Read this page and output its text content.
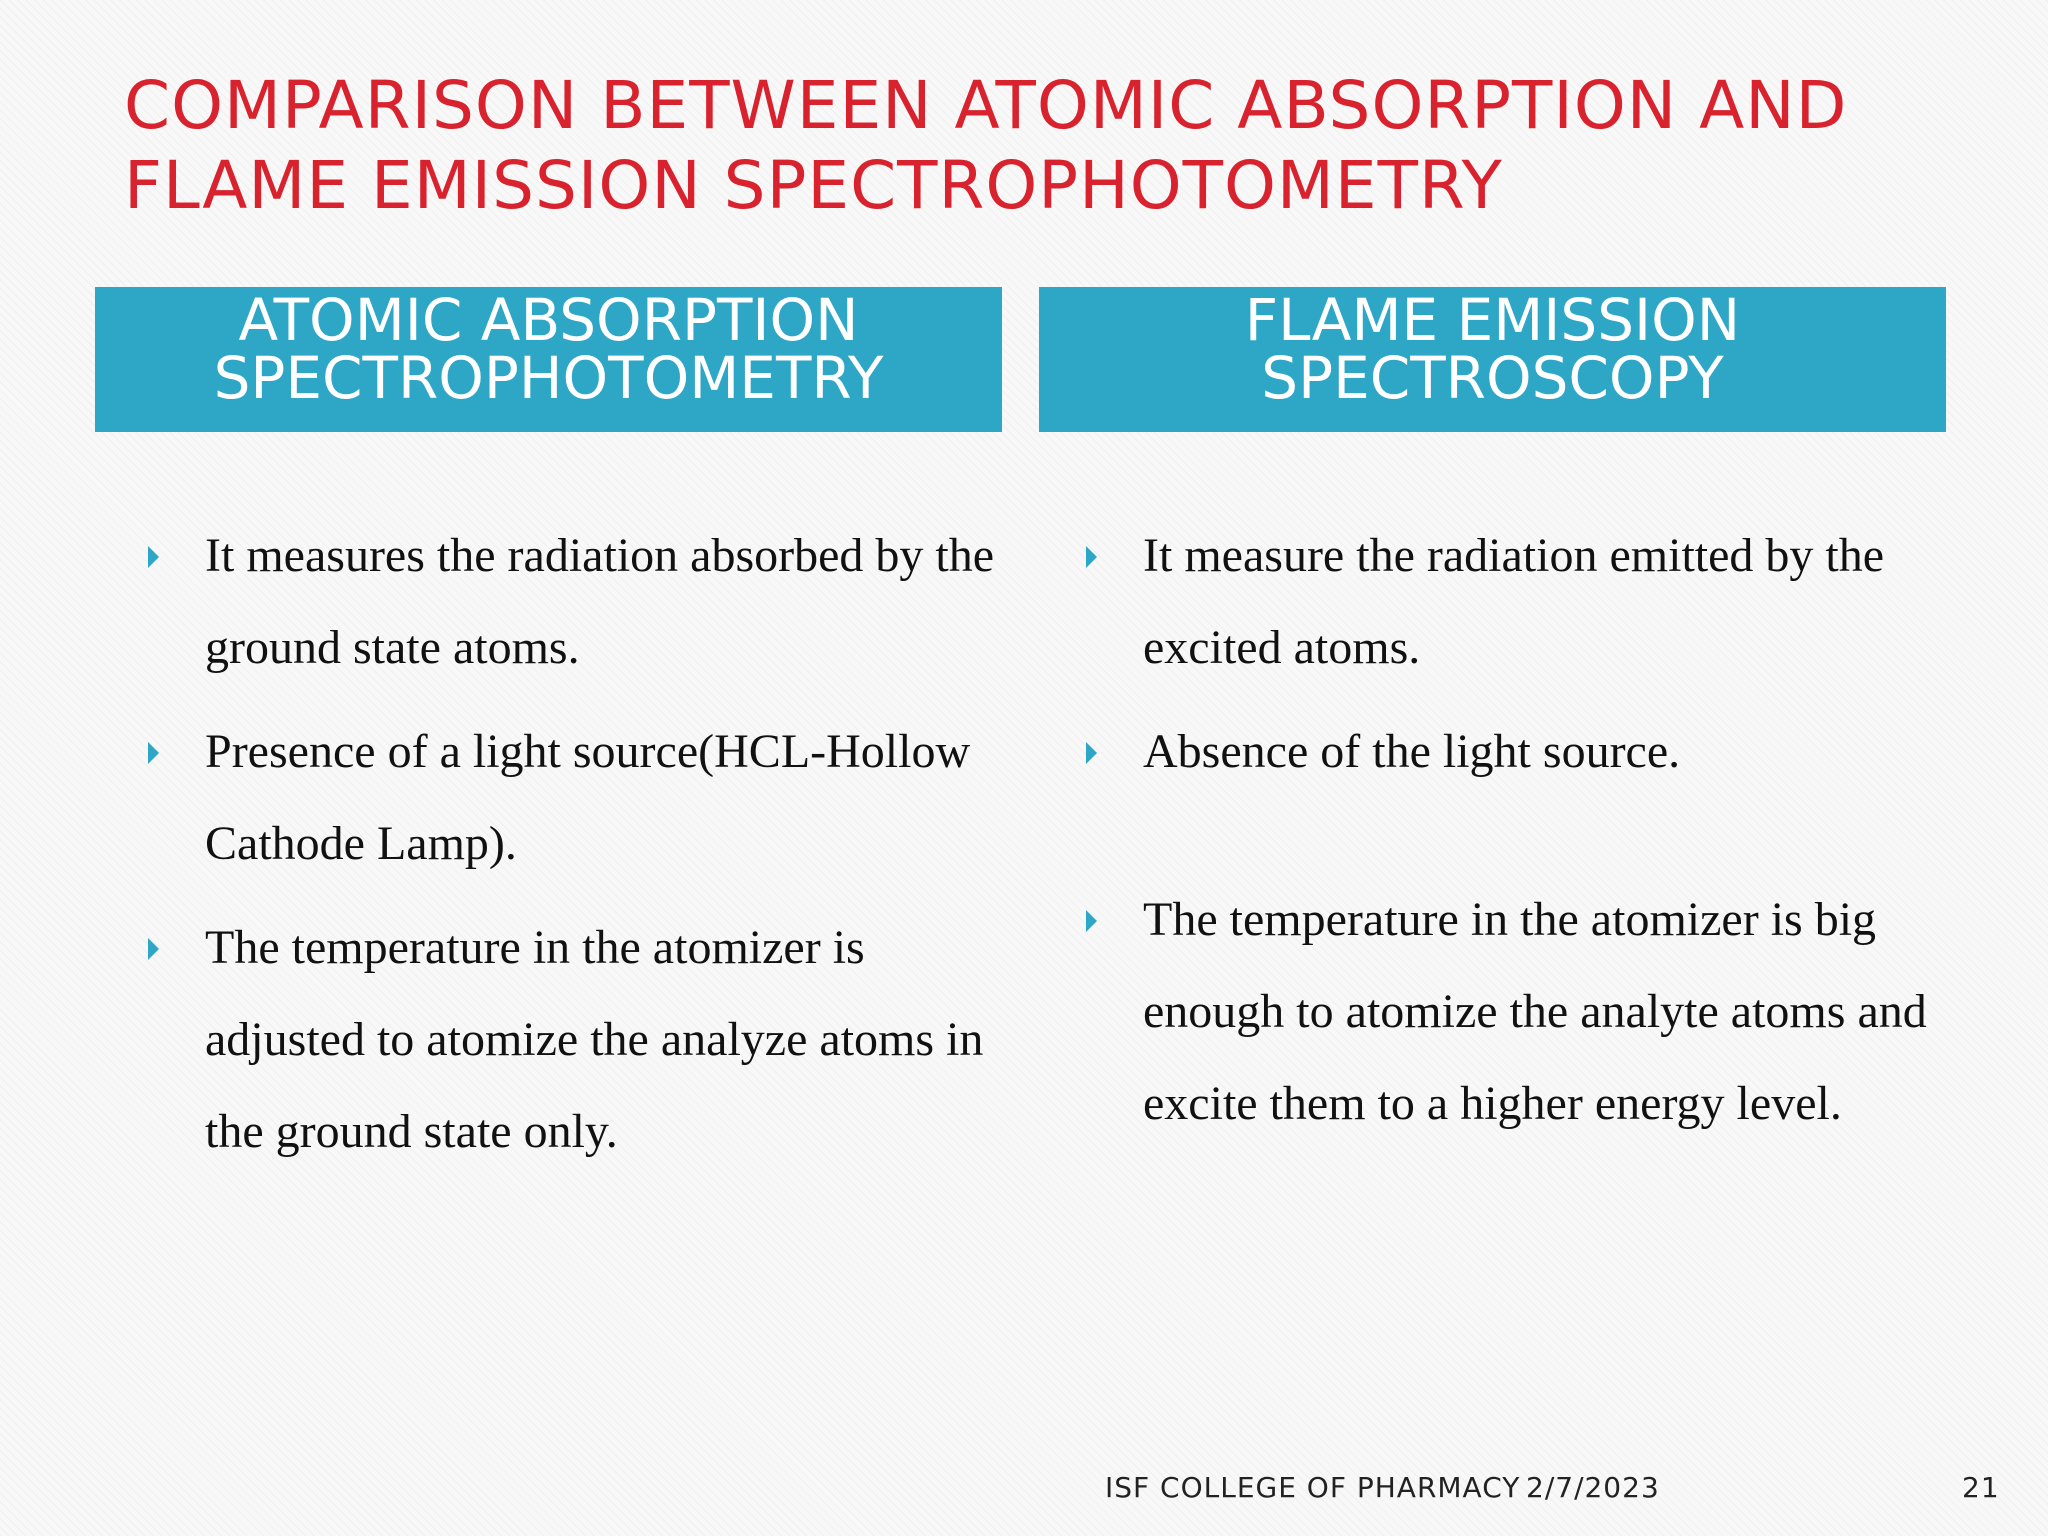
COMPARISON BETWEEN ATOMIC ABSORPTION AND
FLAME EMISSION SPECTROPHOTOMETRY
ATOMIC ABSORPTION
SPECTROPHOTOMETRY
FLAME EMISSION
SPECTROSCOPY
It measures the radiation absorbed by the ground state atoms.
Presence of a light source(HCL-Hollow Cathode Lamp).
The temperature in the atomizer is adjusted to atomize the analyze atoms in the ground state only.
It measure the radiation emitted by the excited atoms.
Absence of the light source.
The temperature in the atomizer is big enough to atomize the analyte atoms and excite them to a higher energy level.
ISF COLLEGE OF PHARMACY 2/7/2023	21
